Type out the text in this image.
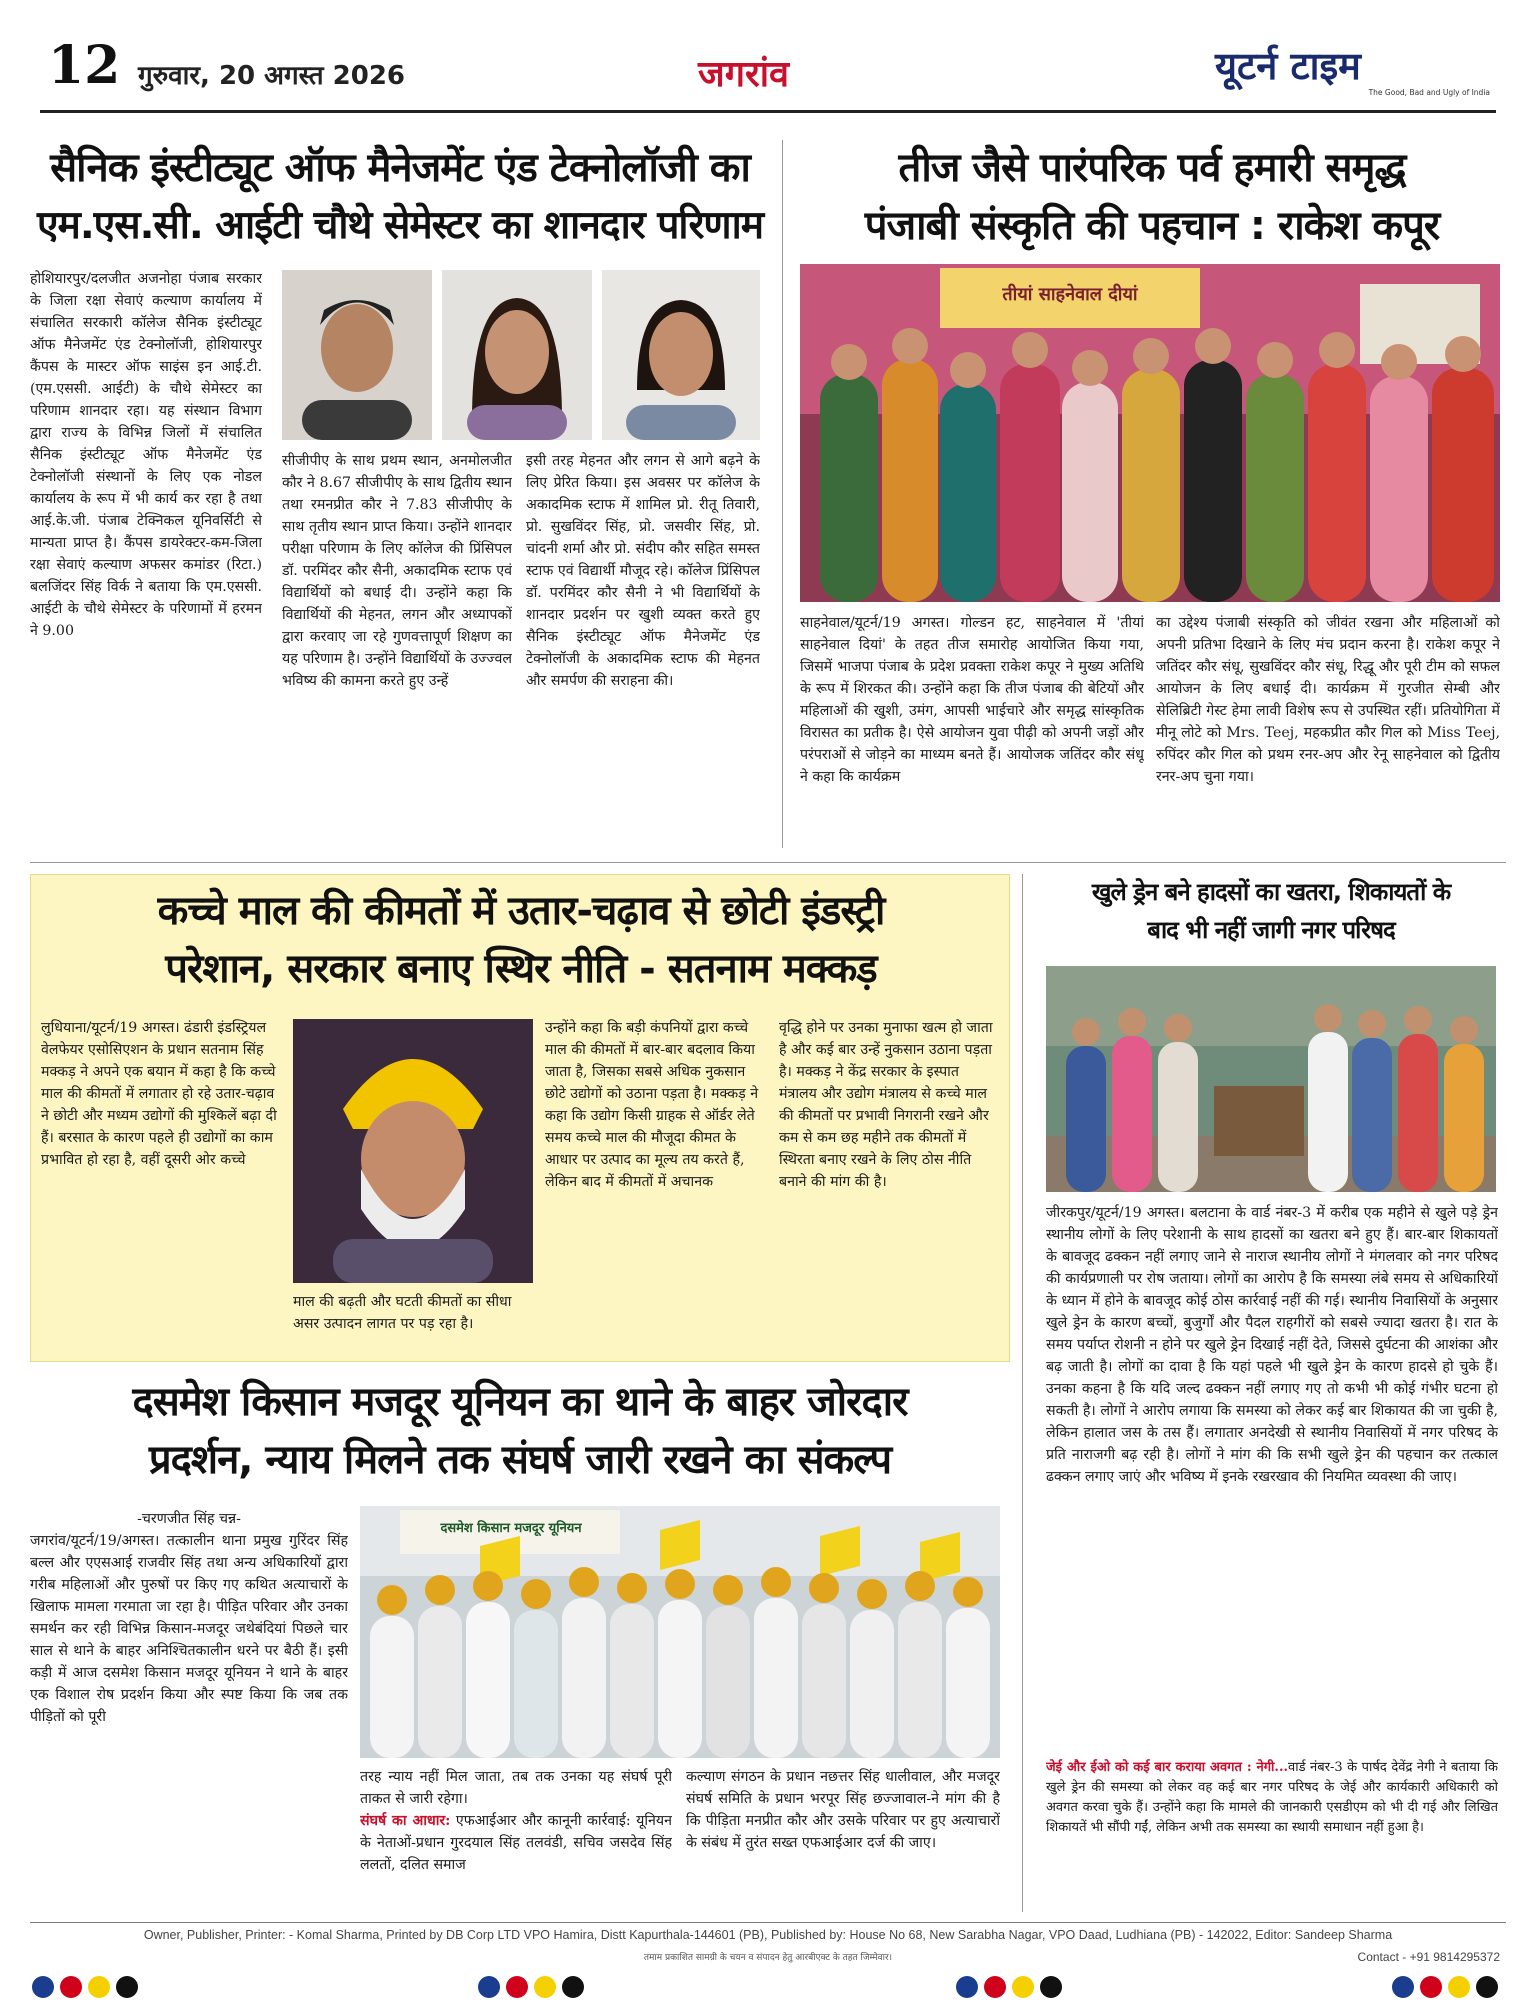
12 गुरुवार, 20 अगस्त 2026	जगरांव	यूटर्न टाइम
The Good, Bad and Ugly of India
सैनिक इंस्टीट्यूट ऑफ मैनेजमेंट एंड टेक्नोलॉजी का
एम.एस.सी. आईटी चौथे सेमेस्टर का शानदार परिणाम

होशियारपुर/दलजीत अजनोहा पंजाब सरकार के जिला रक्षा सेवाएं कल्याण कार्यालय में संचालित सरकारी कॉलेज सैनिक इंस्टीट्यूट ऑफ मैनेजमेंट एंड टेक्नोलॉजी, होशियारपुर कैंपस के मास्टर ऑफ साइंस इन आई.टी. (एम.एससी. आईटी) के चौथे सेमेस्टर का परिणाम शानदार रहा। यह संस्थान विभाग द्वारा राज्य के विभिन्न जिलों में संचालित सैनिक इंस्टीट्यूट ऑफ मैनेजमेंट एंड टेक्नोलॉजी संस्थानों के लिए एक नोडल कार्यालय के रूप में भी कार्य कर रहा है तथा आई.के.जी. पंजाब टेक्निकल यूनिवर्सिटी से मान्यता प्राप्त है। कैंपस डायरेक्टर-कम-जिला रक्षा सेवाएं कल्याण अफसर कमांडर (रिटा.) बलजिंदर सिंह विर्क ने बताया कि एम.एससी. आईटी के चौथे सेमेस्टर के परिणामों में हरमन ने 9.00

सीजीपीए के साथ प्रथम स्थान, अनमोलजीत कौर ने 8.67 सीजीपीए के साथ द्वितीय स्थान तथा रमनप्रीत कौर ने 7.83 सीजीपीए के साथ तृतीय स्थान प्राप्त किया। उन्होंने शानदार परीक्षा परिणाम के लिए कॉलेज की प्रिंसिपल डॉ. परमिंदर कौर सैनी, अकादमिक स्टाफ एवं विद्यार्थियों को बधाई दी। उन्होंने कहा कि विद्यार्थियों की मेहनत, लगन और अध्यापकों द्वारा करवाए जा रहे गुणवत्तापूर्ण शिक्षण का यह परिणाम है। उन्होंने विद्यार्थियों के उज्ज्वल भविष्य की कामना करते हुए उन्हें

इसी तरह मेहनत और लगन से आगे बढ़ने के लिए प्रेरित किया। इस अवसर पर कॉलेज के अकादमिक स्टाफ में शामिल प्रो. रीतू तिवारी, प्रो. सुखविंदर सिंह, प्रो. जसवीर सिंह, प्रो. चांदनी शर्मा और प्रो. संदीप कौर सहित समस्त स्टाफ एवं विद्यार्थी मौजूद रहे। कॉलेज प्रिंसिपल डॉ. परमिंदर कौर सैनी ने भी विद्यार्थियों के शानदार प्रदर्शन पर खुशी व्यक्त करते हुए सैनिक इंस्टीट्यूट ऑफ मैनेजमेंट एंड टेक्नोलॉजी के अकादमिक स्टाफ की मेहनत और समर्पण की सराहना की।

तीज जैसे पारंपरिक पर्व हमारी समृद्ध
पंजाबी संस्कृति की पहचान : राकेश कपूर
तीयां साहनेवाल दीयां

साहनेवाल/यूटर्न/19 अगस्त। गोल्डन हट, साहनेवाल में 'तीयां साहनेवाल दियां' के तहत तीज समारोह आयोजित किया गया, जिसमें भाजपा पंजाब के प्रदेश प्रवक्ता राकेश कपूर ने मुख्य अतिथि के रूप में शिरकत की। उन्होंने कहा कि तीज पंजाब की बेटियों और महिलाओं की खुशी, उमंग, आपसी भाईचारे और समृद्ध सांस्कृतिक विरासत का प्रतीक है। ऐसे आयोजन युवा पीढ़ी को अपनी जड़ों और परंपराओं से जोड़ने का माध्यम बनते हैं। आयोजक जतिंदर कौर संधू ने कहा कि कार्यक्रम

का उद्देश्य पंजाबी संस्कृति को जीवंत रखना और महिलाओं को अपनी प्रतिभा दिखाने के लिए मंच प्रदान करना है। राकेश कपूर ने जतिंदर कौर संधू, सुखविंदर कौर संधू, रिद्धू और पूरी टीम को सफल आयोजन के लिए बधाई दी। कार्यक्रम में गुरजीत सेम्बी और सेलिब्रिटी गेस्ट हेमा लावी विशेष रूप से उपस्थित रहीं। प्रतियोगिता में मीनू लोटे को Mrs. Teej, महकप्रीत कौर गिल को Miss Teej, रुपिंदर कौर गिल को प्रथम रनर-अप और रेनू साहनेवाल को द्वितीय रनर-अप चुना गया।

कच्चे माल की कीमतों में उतार-चढ़ाव से छोटी इंडस्ट्री
परेशान, सरकार बनाए स्थिर नीति - सतनाम मक्कड़

लुधियाना/यूटर्न/19 अगस्त। ढंडारी इंडस्ट्रियल वेलफेयर एसोसिएशन के प्रधान सतनाम सिंह मक्कड़ ने अपने एक बयान में कहा है कि कच्चे माल की कीमतों में लगातार हो रहे उतार-चढ़ाव ने छोटी और मध्यम उद्योगों की मुश्किलें बढ़ा दी हैं। बरसात के कारण पहले ही उद्योगों का काम प्रभावित हो रहा है, वहीं दूसरी ओर कच्चे

माल की बढ़ती और घटती कीमतों का सीधा असर उत्पादन लागत पर पड़ रहा है।

उन्होंने कहा कि बड़ी कंपनियों द्वारा कच्चे माल की कीमतों में बार-बार बदलाव किया जाता है, जिसका सबसे अधिक नुकसान छोटे उद्योगों को उठाना पड़ता है। मक्कड़ ने कहा कि उद्योग किसी ग्राहक से ऑर्डर लेते समय कच्चे माल की मौजूदा कीमत के आधार पर उत्पाद का मूल्य तय करते हैं, लेकिन बाद में कीमतों में अचानक

वृद्धि होने पर उनका मुनाफा खत्म हो जाता है और कई बार उन्हें नुकसान उठाना पड़ता है। मक्कड़ ने केंद्र सरकार के इस्पात मंत्रालय और उद्योग मंत्रालय से कच्चे माल की कीमतों पर प्रभावी निगरानी रखने और कम से कम छह महीने तक कीमतों में स्थिरता बनाए रखने के लिए ठोस नीति बनाने की मांग की है।

खुले ड्रेन बने हादसों का खतरा, शिकायतों के
बाद भी नहीं जागी नगर परिषद

जीरकपुर/यूटर्न/19 अगस्त। बलटाना के वार्ड नंबर-3 में करीब एक महीने से खुले पड़े ड्रेन स्थानीय लोगों के लिए परेशानी के साथ हादसों का खतरा बने हुए हैं। बार-बार शिकायतों के बावजूद ढक्कन नहीं लगाए जाने से नाराज स्थानीय लोगों ने मंगलवार को नगर परिषद की कार्यप्रणाली पर रोष जताया। लोगों का आरोप है कि समस्या लंबे समय से अधिकारियों के ध्यान में होने के बावजूद कोई ठोस कार्रवाई नहीं की गई। स्थानीय निवासियों के अनुसार खुले ड्रेन के कारण बच्चों, बुजुर्गों और पैदल राहगीरों को सबसे ज्यादा खतरा है। रात के समय पर्याप्त रोशनी न होने पर खुले ड्रेन दिखाई नहीं देते, जिससे दुर्घटना की आशंका और बढ़ जाती है। लोगों का दावा है कि यहां पहले भी खुले ड्रेन के कारण हादसे हो चुके हैं। उनका कहना है कि यदि जल्द ढक्कन नहीं लगाए गए तो कभी भी कोई गंभीर घटना हो सकती है। लोगों ने आरोप लगाया कि समस्या को लेकर कई बार शिकायत की जा चुकी है, लेकिन हालात जस के तस हैं। लगातार अनदेखी से स्थानीय निवासियों में नगर परिषद के प्रति नाराजगी बढ़ रही है। लोगों ने मांग की कि सभी खुले ड्रेन की पहचान कर तत्काल ढक्कन लगाए जाएं और भविष्य में इनके रखरखाव की नियमित व्यवस्था की जाए।

जेई और ईओ को कई बार कराया अवगत : नेगी...वार्ड नंबर-3 के पार्षद देवेंद्र नेगी ने बताया कि खुले ड्रेन की समस्या को लेकर वह कई बार नगर परिषद के जेई और कार्यकारी अधिकारी को अवगत करवा चुके हैं। उन्होंने कहा कि मामले की जानकारी एसडीएम को भी दी गई और लिखित शिकायतें भी सौंपी गईं, लेकिन अभी तक समस्या का स्थायी समाधान नहीं हुआ है।

दसमेश किसान मजदूर यूनियन का थाने के बाहर जोरदार
प्रदर्शन, न्याय मिलने तक संघर्ष जारी रखने का संकल्प

-चरणजीत सिंह चन्न-

जगरांव/यूटर्न/19/अगस्त। तत्कालीन थाना प्रमुख गुरिंदर सिंह बल्ल और एएसआई राजवीर सिंह तथा अन्य अधिकारियों द्वारा गरीब महिलाओं और पुरुषों पर किए गए कथित अत्याचारों के खिलाफ मामला गरमाता जा रहा है। पीड़ित परिवार और उनका समर्थन कर रही विभिन्न किसान-मजदूर जथेबंदियां पिछले चार साल से थाने के बाहर अनिश्चितकालीन धरने पर बैठी हैं। इसी कड़ी में आज दसमेश किसान मजदूर यूनियन ने थाने के बाहर एक विशाल रोष प्रदर्शन किया और स्पष्ट किया कि जब तक पीड़ितों को पूरी

दसमेश किसान मजदूर यूनियन

तरह न्याय नहीं मिल जाता, तब तक उनका यह संघर्ष पूरी ताकत से जारी रहेगा।

संघर्ष का आधार: एफआईआर और कानूनी कार्रवाई: यूनियन के नेताओं-प्रधान गुरदयाल सिंह तलवंडी, सचिव जसदेव सिंह ललतों, दलित समाज

कल्याण संगठन के प्रधान नछत्तर सिंह धालीवाल, और मजदूर संघर्ष समिति के प्रधान भरपूर सिंह छज्जावाल-ने मांग की है कि पीड़िता मनप्रीत कौर और उसके परिवार पर हुए अत्याचारों के संबंध में तुरंत सख्त एफआईआर दर्ज की जाए।

Owner, Publisher, Printer: - Komal Sharma, Printed by DB Corp LTD VPO Hamira, Distt Kapurthala-144601 (PB), Published by: House No 68, New Sarabha Nagar, VPO Daad, Ludhiana (PB) - 142022, Editor: Sandeep Sharma
तमाम प्रकाशित सामग्री के चयन व संपादन हेतु आरबीएक्ट के तहत जिम्मेवार।	Contact - +91 9814295372
